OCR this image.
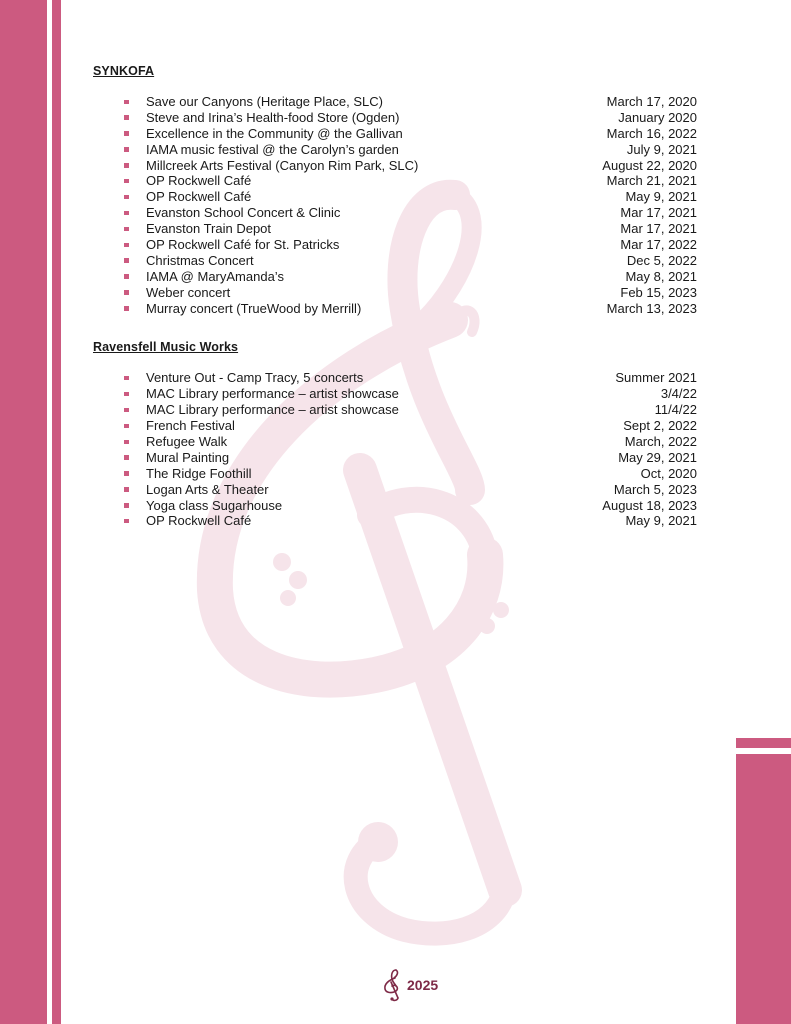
SYNKOFA
Save our Canyons (Heritage Place, SLC)	March 17, 2020
Steve and Irina’s Health-food Store (Ogden)	January 2020
Excellence in the Community @ the Gallivan	March 16, 2022
IAMA music festival @ the Carolyn’s garden	July 9, 2021
Millcreek Arts Festival (Canyon Rim Park, SLC)	August 22, 2020
OP Rockwell Café	March 21, 2021
OP Rockwell Café	May 9, 2021
Evanston School Concert & Clinic	Mar 17, 2021
Evanston Train Depot	Mar 17, 2021
OP Rockwell Café for St. Patricks	Mar 17, 2022
Christmas Concert	Dec 5, 2022
IAMA @ MaryAmanda’s	May 8, 2021
Weber concert	Feb 15, 2023
Murray concert (TrueWood by Merrill)	March 13, 2023
Ravensfell Music Works
Venture Out - Camp Tracy, 5 concerts	Summer 2021
MAC Library performance – artist showcase	3/4/22
MAC Library performance – artist showcase	11/4/22
French Festival	Sept 2, 2022
Refugee Walk	March, 2022
Mural Painting	May 29, 2021
The Ridge Foothill	Oct, 2020
Logan Arts & Theater	March 5, 2023
Yoga class Sugarhouse	August 18, 2023
OP Rockwell Café	May 9, 2021
2025
